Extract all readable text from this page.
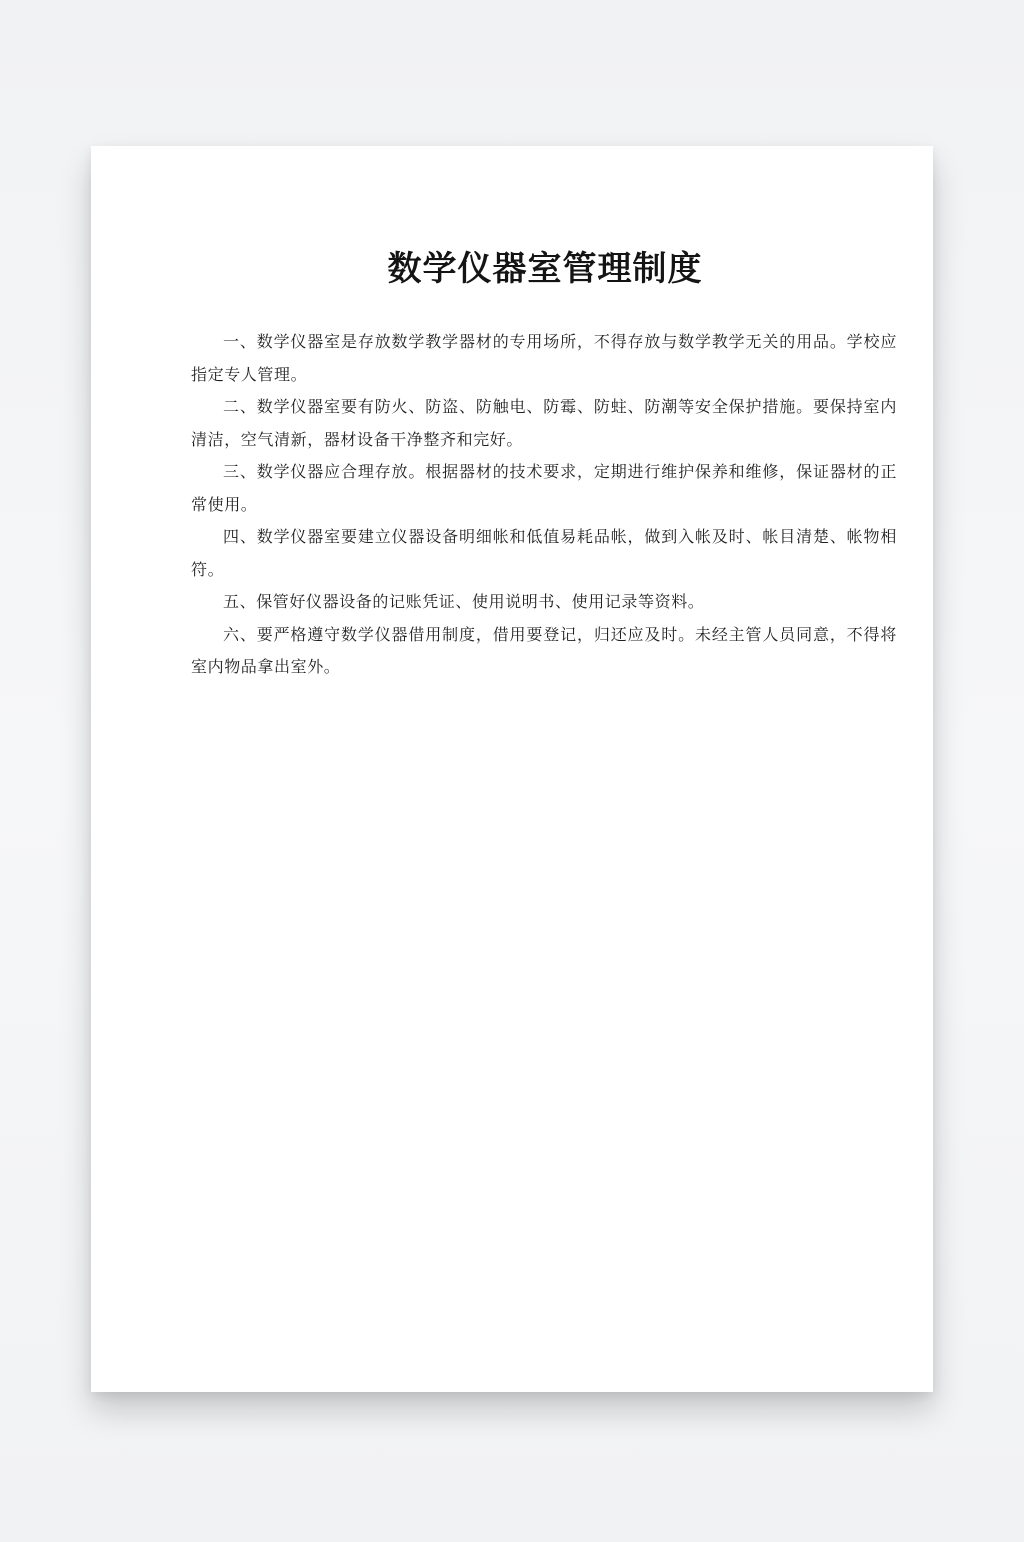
数学仪器室管理制度

一、数学仪器室是存放数学教学器材的专用场所，不得存放与数学教学无关的用品。学校应指定专人管理。

二、数学仪器室要有防火、防盗、防触电、防霉、防蛀、防潮等安全保护措施。要保持室内清洁，空气清新，器材设备干净整齐和完好。

三、数学仪器应合理存放。根据器材的技术要求，定期进行维护保养和维修，保证器材的正常使用。

四、数学仪器室要建立仪器设备明细帐和低值易耗品帐，做到入帐及时、帐目清楚、帐物相符。

五、保管好仪器设备的记账凭证、使用说明书、使用记录等资料。

六、要严格遵守数学仪器借用制度，借用要登记，归还应及时。未经主管人员同意，不得将室内物品拿出室外。
